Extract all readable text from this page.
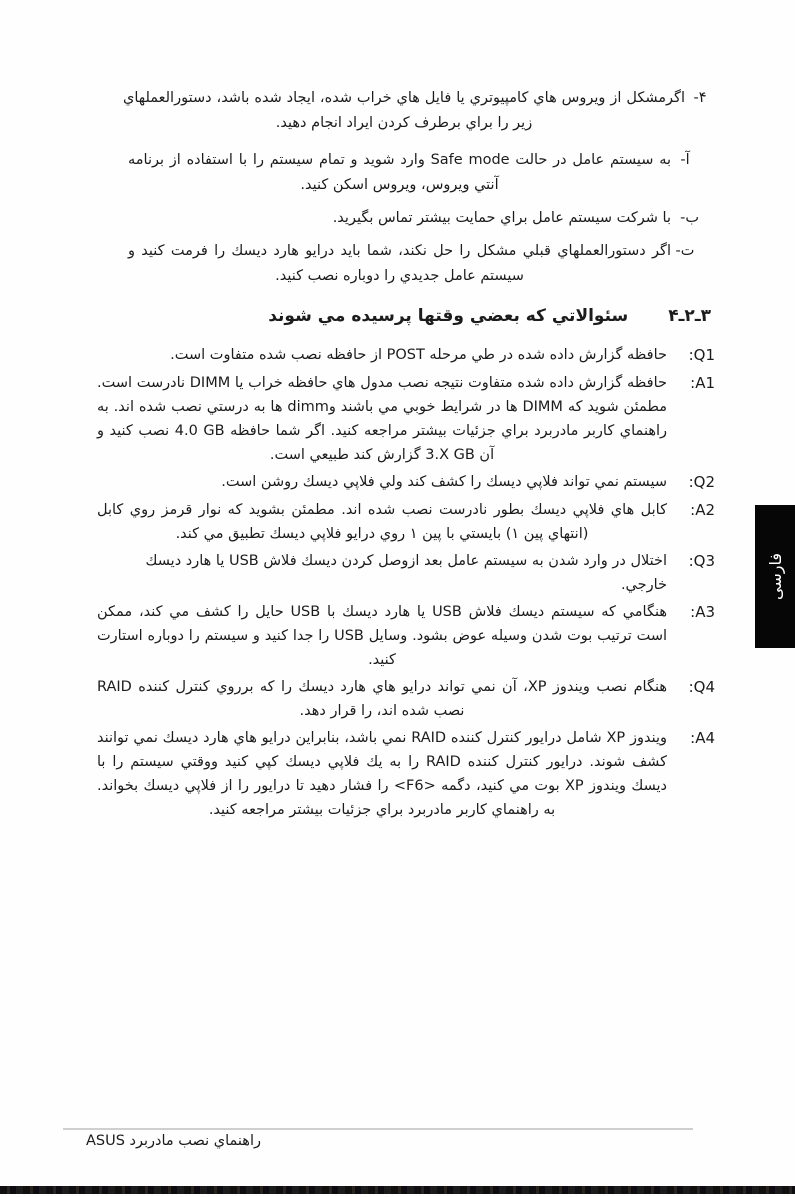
۴-
اگرمشكل از ويروس هاي كامپيوتري يا فايل هاي خراب شده، ايجاد شده باشد، دستورالعملهاي زير را براي برطرف كردن ايراد انجام دهيد.
آ-
به سيستم عامل در حالت Safe mode وارد شويد و تمام سيستم را با استفاده از برنامه آنتي ويروس، ويروس اسكن كنيد.
ب-
با شركت سيستم عامل براي حمايت بيشتر تماس بگيريد.
ت-
اگر دستورالعملهاي قبلي مشكل را حل نكند، شما بايد درايو هارد ديسك را فرمت كنيد و سيستم عامل جديدي را دوباره نصب كنيد.
۴ـ۲ـ۳
سئوالاتي كه بعضي وقتها پرسيده مي شوند
Q1:
حافظه گزارش داده شده در طي مرحله POST از حافظه نصب شده متفاوت است.
A1:
حافظه گزارش داده شده متفاوت نتيجه نصب مدول هاي حافظه خراب يا DIMM نادرست است. مطمئن شويد كه DIMM ها در شرايط خوبي مي باشند وdimm ها به درستي نصب شده اند. به راهنماي كاربر مادربرد براي جزئيات بيشتر مراجعه كنيد. اگر شما حافظه ‪4.0 GB‬ نصب كنيد و آن ‪3.X GB‬ گزارش كند طبيعي است.
Q2:
سيستم نمي تواند فلاپي ديسك را كشف كند ولي فلاپي ديسك روشن است.
A2:
كابل هاي فلاپي ديسك بطور نادرست نصب شده اند. مطمئن بشويد كه نوار قرمز روي كابل (انتهاي پين ۱) بايستي با پين ۱ روي درايو فلاپي ديسك تطبيق مي كند.
Q3:
اختلال در وارد شدن به سيستم عامل بعد ازوصل كردن ديسك فلاش USB يا هارد ديسك خارجي.
A3:
هنگامي كه سيستم ديسك فلاش USB يا هارد ديسك با USB حايل را كشف مي كند، ممكن است ترتيب بوت شدن وسيله عوض بشود. وسايل USB را جدا كنيد و سيستم را دوباره استارت كنيد.
Q4:
هنگام نصب ويندوز XP، آن نمي تواند درايو هاي هارد ديسك را كه برروي كنترل كننده RAID نصب شده اند، را قرار دهد.
A4:
ويندوز XP شامل درايور كنترل كننده RAID نمي باشد، بنابراين درايو هاي هارد ديسك نمي توانند كشف شوند. درايور كنترل كننده RAID را به يك فلاپي ديسك كپي كنيد ووقتي سيستم را با ديسك ويندوز XP بوت مي كنيد، دگمه ‪<F6>‬ را فشار دهيد تا درايور را از فلاپي ديسك بخواند. به راهنماي كاربر مادربرد براي جزئيات بيشتر مراجعه كنيد.
فارسی
راهنماي نصب مادربرد ASUS
